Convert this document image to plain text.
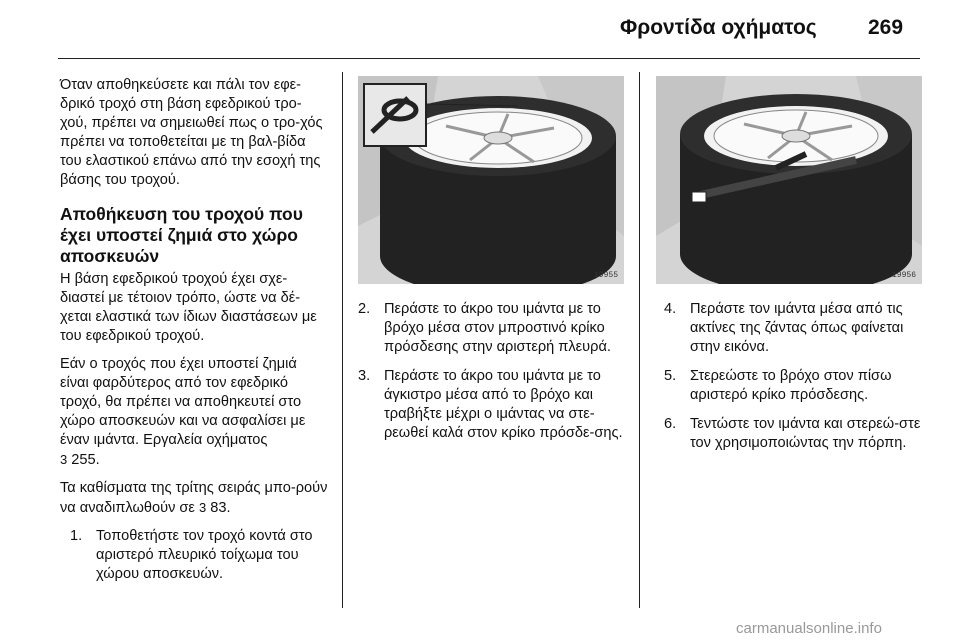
Φροντίδα οχήματος 269

Όταν αποθηκεύσετε και πάλι τον εφε-δρικό τροχό στη βάση εφεδρικού τρο-χού, πρέπει να σημειωθεί πως ο τρο-χός πρέπει να τοποθετείται με τη βαλ-βίδα του ελαστικού επάνω από την εσοχή της βάσης του τροχού.

Αποθήκευση του τροχού που έχει υποστεί ζημιά στο χώρο αποσκευών

Η βάση εφεδρικού τροχού έχει σχε-διαστεί με τέτοιον τρόπο, ώστε να δέ-χεται ελαστικά των ίδιων διαστάσεων με του εφεδρικού τροχού.

Εάν ο τροχός που έχει υποστεί ζημιά είναι φαρδύτερος από τον εφεδρικό τροχό, θα πρέπει να αποθηκευτεί στο χώρο αποσκευών και να ασφαλίσει με έναν ιμάντα. Εργαλεία οχήματος
3 255.

Τα καθίσματα της τρίτης σειράς μπο-ρούν να αναδιπλωθούν σε 3 83.

1. Τοποθετήστε τον τροχό κοντά στο αριστερό πλευρικό τοίχωμα του χώρου αποσκευών.
19955
2. Περάστε το άκρο του ιμάντα με το βρόχο μέσα στον μπροστινό κρίκο πρόσδεσης στην αριστερή πλευρά.
3. Περάστε το άκρο του ιμάντα με το άγκιστρο μέσα από το βρόχο και τραβήξτε μέχρι ο ιμάντας να στε-ρεωθεί καλά στον κρίκο πρόσδε-σης.
19956
4. Περάστε τον ιμάντα μέσα από τις ακτίνες της ζάντας όπως φαίνεται στην εικόνα.
5. Στερεώστε το βρόχο στον πίσω αριστερό κρίκο πρόσδεσης.
6. Τεντώστε τον ιμάντα και στερεώ-στε τον χρησιμοποιώντας την πόρπη.
carmanualsonline.info
